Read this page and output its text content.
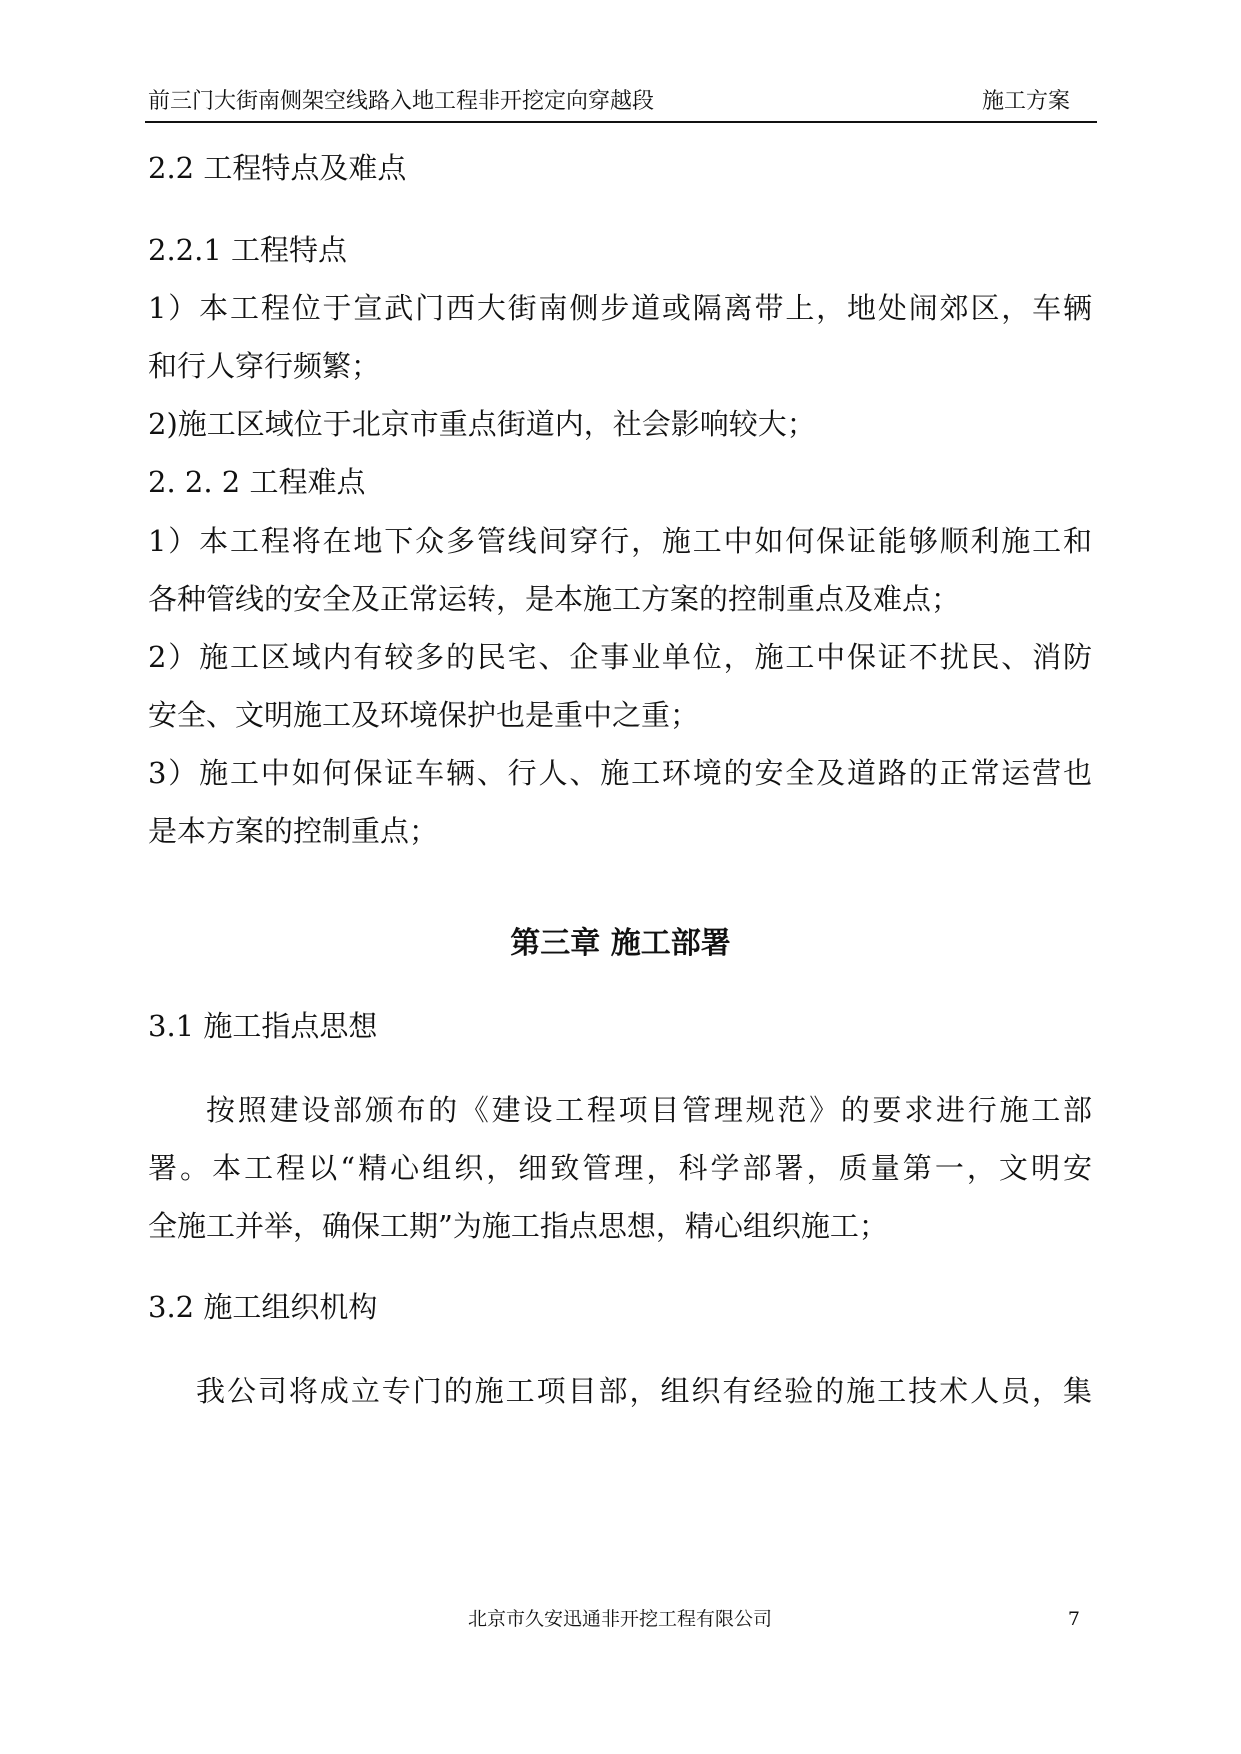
前三门大街南侧架空线路入地工程非开挖定向穿越段	施工方案
2.2 工程特点及难点
2.2.1 工程特点
1）本工程位于宣武门西大街南侧步道或隔离带上，地处闹郊区，车辆
和行人穿行频繁；
2)施工区域位于北京市重点街道内，社会影响较大；
2. 2. 2 工程难点
1）本工程将在地下众多管线间穿行，施工中如何保证能够顺利施工和
各种管线的安全及正常运转，是本施工方案的控制重点及难点；
2）施工区域内有较多的民宅、企事业单位，施工中保证不扰民、消防
安全、文明施工及环境保护也是重中之重；
3）施工中如何保证车辆、行人、施工环境的安全及道路的正常运营也
是本方案的控制重点；
第三章 施工部署
3.1 施工指点思想
按照建设部颁布的《建设工程项目管理规范》的要求进行施工部
署。本工程以“精心组织，细致管理，科学部署，质量第一，文明安
全施工并举，确保工期”为施工指点思想，精心组织施工；
3.2 施工组织机构
我公司将成立专门的施工项目部，组织有经验的施工技术人员，集
北京市久安迅通非开挖工程有限公司	7
